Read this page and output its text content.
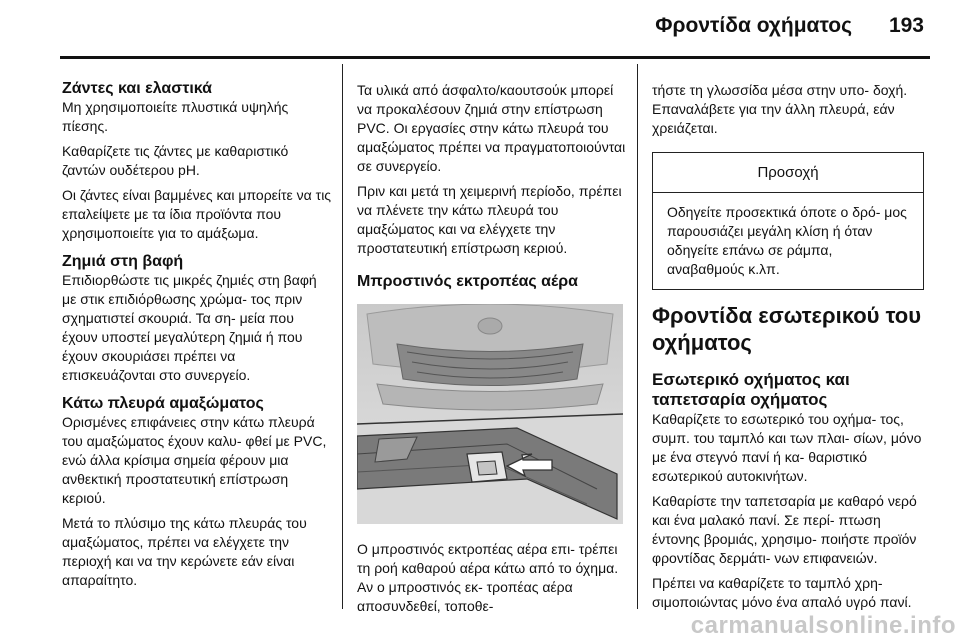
Φροντίδα οχήματος 193
Ζάντες και ελαστικά

Μη χρησιμοποιείτε πλυστικά υψηλής πίεσης.

Καθαρίζετε τις ζάντες με καθαριστικό ζαντών ουδέτερου pH.

Οι ζάντες είναι βαμμένες και μπορείτε να τις επαλείψετε με τα ίδια προϊόντα που χρησιμοποιείτε για το αμάξωμα.

Ζημιά στη βαφή

Επιδιορθώστε τις μικρές ζημιές στη βαφή με στικ επιδιόρθωσης χρώμα- τος πριν σχηματιστεί σκουριά. Τα ση- μεία που έχουν υποστεί μεγαλύτερη ζημιά ή που έχουν σκουριάσει πρέπει να επισκευάζονται στο συνεργείο.

Κάτω πλευρά αμαξώματος

Ορισμένες επιφάνειες στην κάτω πλευρά του αμαξώματος έχουν καλυ- φθεί με PVC, ενώ άλλα κρίσιμα σημεία φέρουν μια ανθεκτική προστατευτική επίστρωση κεριού.

Μετά το πλύσιμο της κάτω πλευράς του αμαξώματος, πρέπει να ελέγχετε την περιοχή και να την κερώνετε εάν είναι απαραίτητο.

Τα υλικά από άσφαλτο/καουτσούκ μπορεί να προκαλέσουν ζημιά στην επίστρωση PVC. Οι εργασίες στην κάτω πλευρά του αμαξώματος πρέπει να πραγματοποιούνται σε συνεργείο.

Πριν και μετά τη χειμερινή περίοδο, πρέπει να πλένετε την κάτω πλευρά του αμαξώματος και να ελέγχετε την προστατευτική επίστρωση κεριού.

Μπροστινός εκτροπέας αέρα

Ο μπροστινός εκτροπέας αέρα επι- τρέπει τη ροή καθαρού αέρα κάτω από το όχημα. Αν ο μπροστινός εκ- τροπέας αέρα αποσυνδεθεί, τοποθε-

τήστε τη γλωσσίδα μέσα στην υπο- δοχή. Επαναλάβετε για την άλλη πλευρά, εάν χρειάζεται.

Προσοχή
Οδηγείτε προσεκτικά όποτε ο δρό- μος παρουσιάζει μεγάλη κλίση ή όταν οδηγείτε επάνω σε ράμπα, αναβαθμούς κ.λπ.
Φροντίδα εσωτερικού του οχήματος
Εσωτερικό οχήματος και ταπετσαρία οχήματος

Καθαρίζετε το εσωτερικό του οχήμα- τος, συμπ. του ταμπλό και των πλαι- σίων, μόνο με ένα στεγνό πανί ή κα- θαριστικό εσωτερικού αυτοκινήτων.

Καθαρίστε την ταπετσαρία με καθαρό νερό και ένα μαλακό πανί. Σε περί- πτωση έντονης βρομιάς, χρησιμο- ποιήστε προϊόν φροντίδας δερμάτι- νων επιφανειών.

Πρέπει να καθαρίζετε το ταμπλό χρη- σιμοποιώντας μόνο ένα απαλό υγρό πανί.

carmanualsonline.info
